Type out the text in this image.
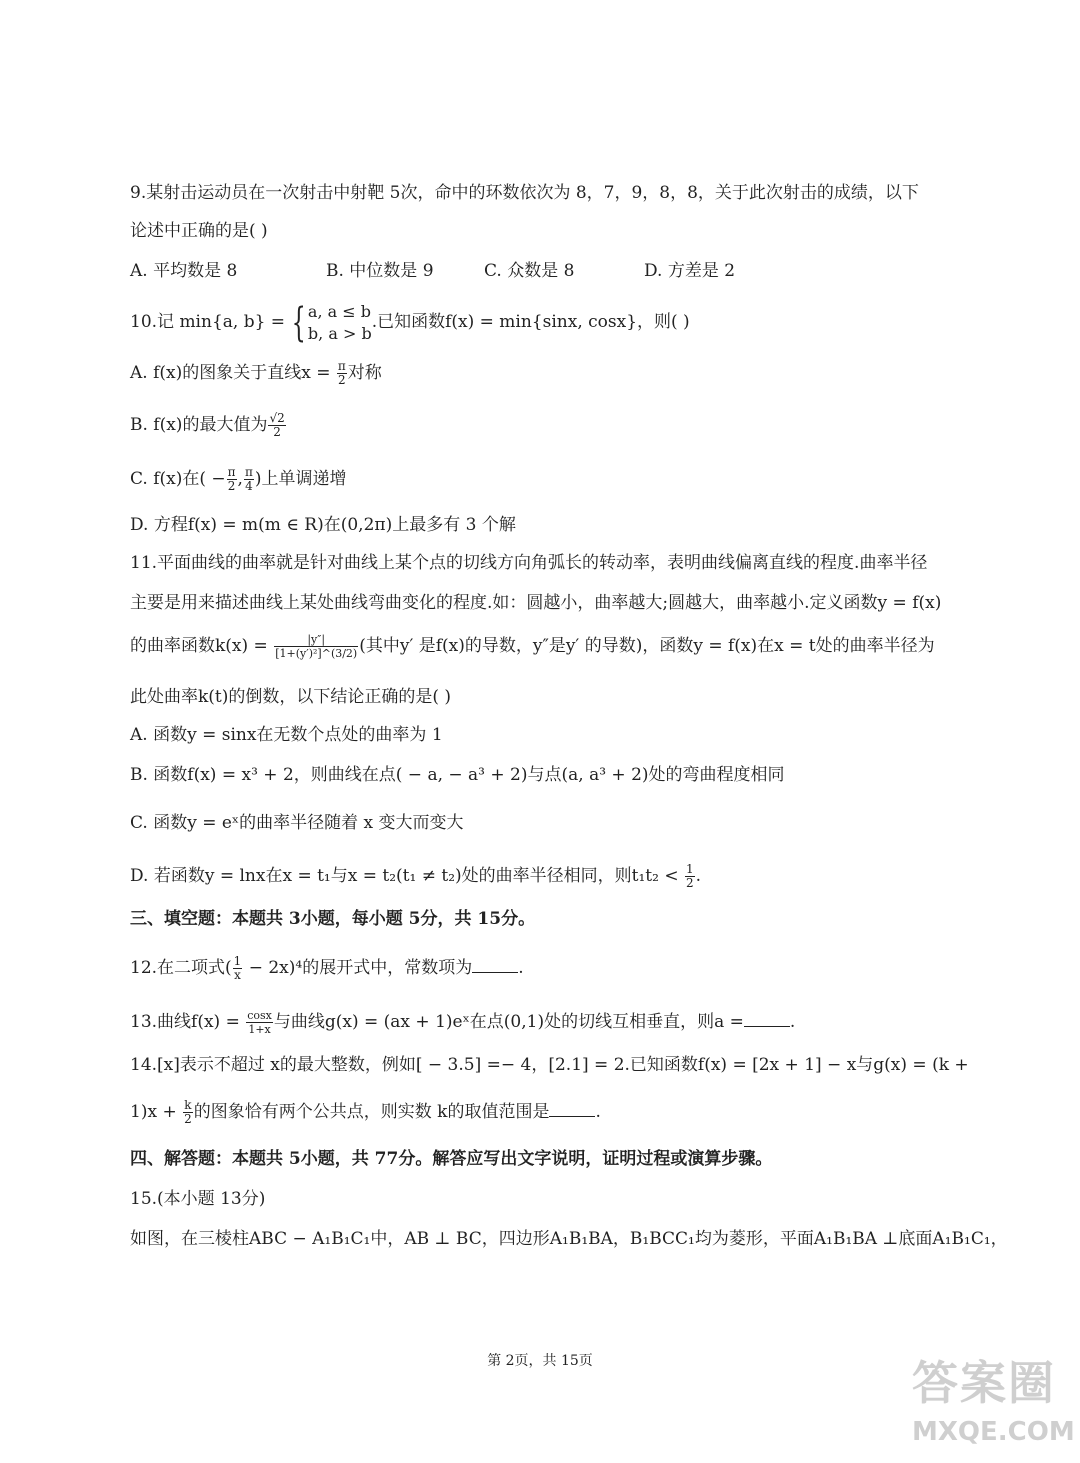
9.某射击运动员在一次射击中射靶 5次，命中的环数依次为 8，7，9，8，8，关于此次射击的成绩，以下
论述中正确的是( )
A. 平均数是 8	B. 中位数是 9	C. 众数是 8	D. 方差是 2
10.记 min{a, b} = { a, a ≤ b
b, a > b
.已知函数f(x) = min{sinx, cosx}，则( )
A. f(x)的图象关于直线$x = \frac{\pi}{2}$ 对称
B. f(x)的最大值为 $\frac{√2}{2}$
C. f(x)在( − $\frac{\pi}{2}$ , $\frac{\pi}{4}$ )上单调递增
D. 方程f(x) = m(m ∈ R)在(0,2π)上最多有 3 个解
11.平面曲线的曲率就是针对曲线上某个点的切线方向角弧长的转动率，表明曲线偏离直线的程度.曲率半径
主要是用来描述曲线上某处曲线弯曲变化的程度.如：圆越小，曲率越大;圆越大，曲率越小.定义函数y = f(x)
的曲率函数$k(x) = \frac{|y''|}{\text{[1+(y′)²]\textasciicircum{}(3/2)}}$ (其中y′ 是f(x)的导数，y″是y′ 的导数)，函数y = f(x)在x = t处的曲率半径为
此处曲率k(t)的倒数，以下结论正确的是( )
A. 函数y = sinx在无数个点处的曲率为 1
B. 函数f(x) = x³ + 2，则曲线在点( − a, − a³ + 2)与点(a, a³ + 2)处的弯曲程度相同
C. 函数y = eˣ的曲率半径随着 x 变大而变大
D. 若函数y = lnx在x = t₁与x = t₂(t₁ ≠ t₂)处的曲率半径相同，则$t_1t_2 < \frac{1}{2}$ .
三、填空题：本题共 3小题，每小题 5分，共 15分。
12.在二项式( $\frac{1}{x} - 2x)^4$的展开式中，常数项为	.
13.曲线$f(x) = \frac{\cos x}{1+x}$ 与曲线g(x) = (ax + 1)eˣ在点(0,1)处的切线互相垂直，则a =	.
14.[x]表示不超过 x的最大整数，例如[ − 3.5] =− 4，[2.1] = 2.已知函数f(x) = [2x + 1] − x与g(x) = (k +
$1)x + \frac{k}{2}$ 的图象恰有两个公共点，则实数 k的取值范围是	.
四、解答题：本题共 5小题，共 77分。解答应写出文字说明，证明过程或演算步骤。
15.(本小题 13分)
如图，在三棱柱ABC − A₁B₁C₁中，AB ⊥ BC，四边形A₁B₁BA，B₁BCC₁均为菱形，平面A₁B₁BA ⊥底面A₁B₁C₁，
第 2页，共 15页	答案圈
MXQE.COM
